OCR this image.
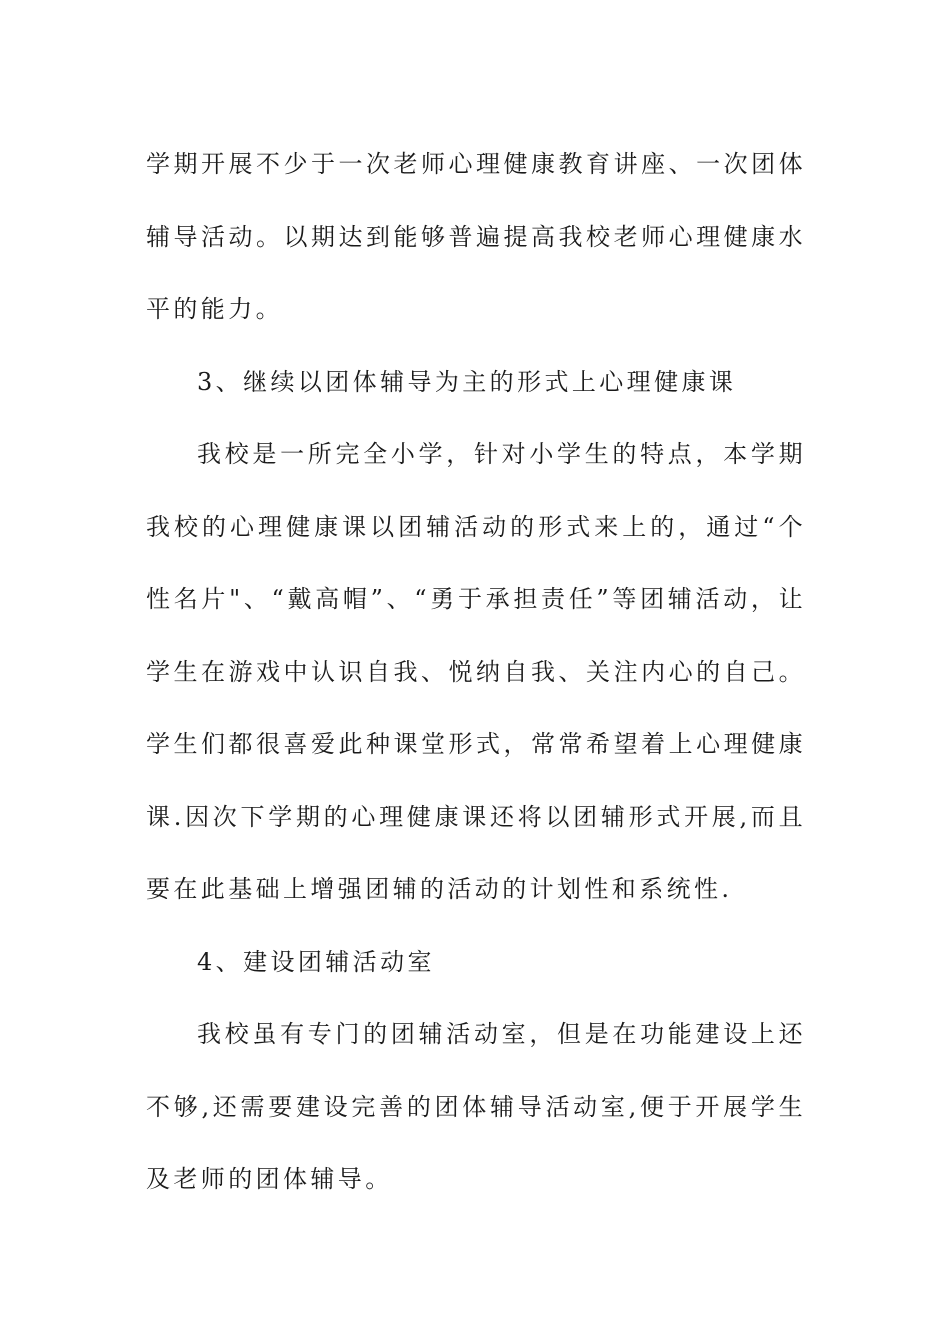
学期开展不少于一次老师心理健康教育讲座、一次团体辅导活动。以期达到能够普遍提高我校老师心理健康水平的能力。

3、继续以团体辅导为主的形式上心理健康课

我校是一所完全小学，针对小学生的特点，本学期我校的心理健康课以团辅活动的形式来上的，通过“个性名片"、“戴高帽”、“勇于承担责任”等团辅活动，让学生在游戏中认识自我、悦纳自我、关注内心的自己。学生们都很喜爱此种课堂形式，常常希望着上心理健康课.因次下学期的心理健康课还将以团辅形式开展,而且要在此基础上增强团辅的活动的计划性和系统性.

4、建设团辅活动室

我校虽有专门的团辅活动室，但是在功能建设上还不够,还需要建设完善的团体辅导活动室,便于开展学生及老师的团体辅导。
